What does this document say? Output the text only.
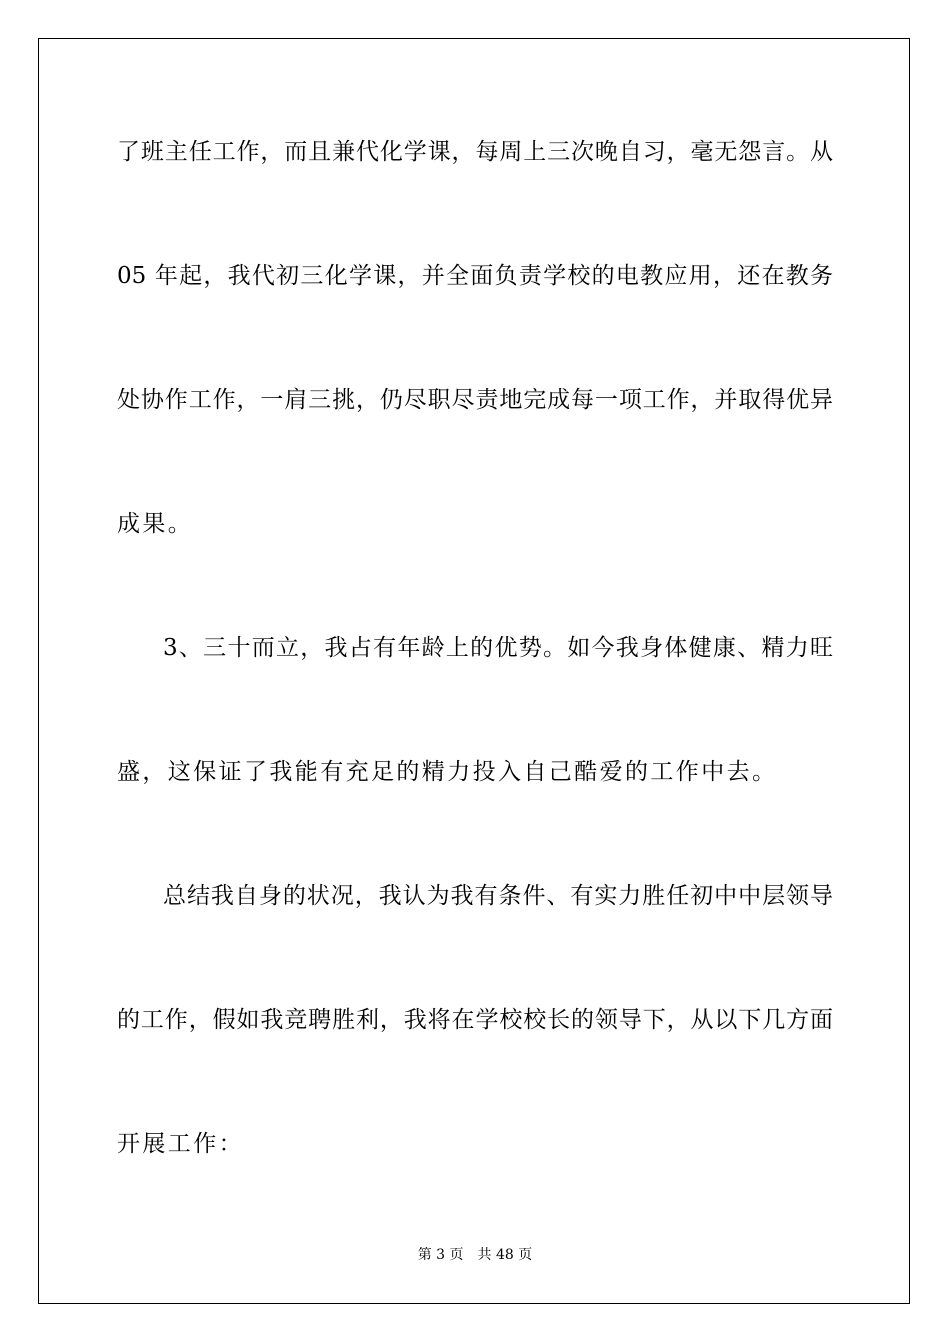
了班主任工作，而且兼代化学课，每周上三次晚自习，毫无怨言。从
05 年起，我代初三化学课，并全面负责学校的电教应用，还在教务
处协作工作，一肩三挑，仍尽职尽责地完成每一项工作，并取得优异
成果。
3、三十而立，我占有年龄上的优势。如今我身体健康、精力旺
盛，这保证了我能有充足的精力投入自己酷爱的工作中去。
总结我自身的状况，我认为我有条件、有实力胜任初中中层领导
的工作，假如我竞聘胜利，我将在学校校长的领导下，从以下几方面
开展工作：
第 3 页 共 48 页
